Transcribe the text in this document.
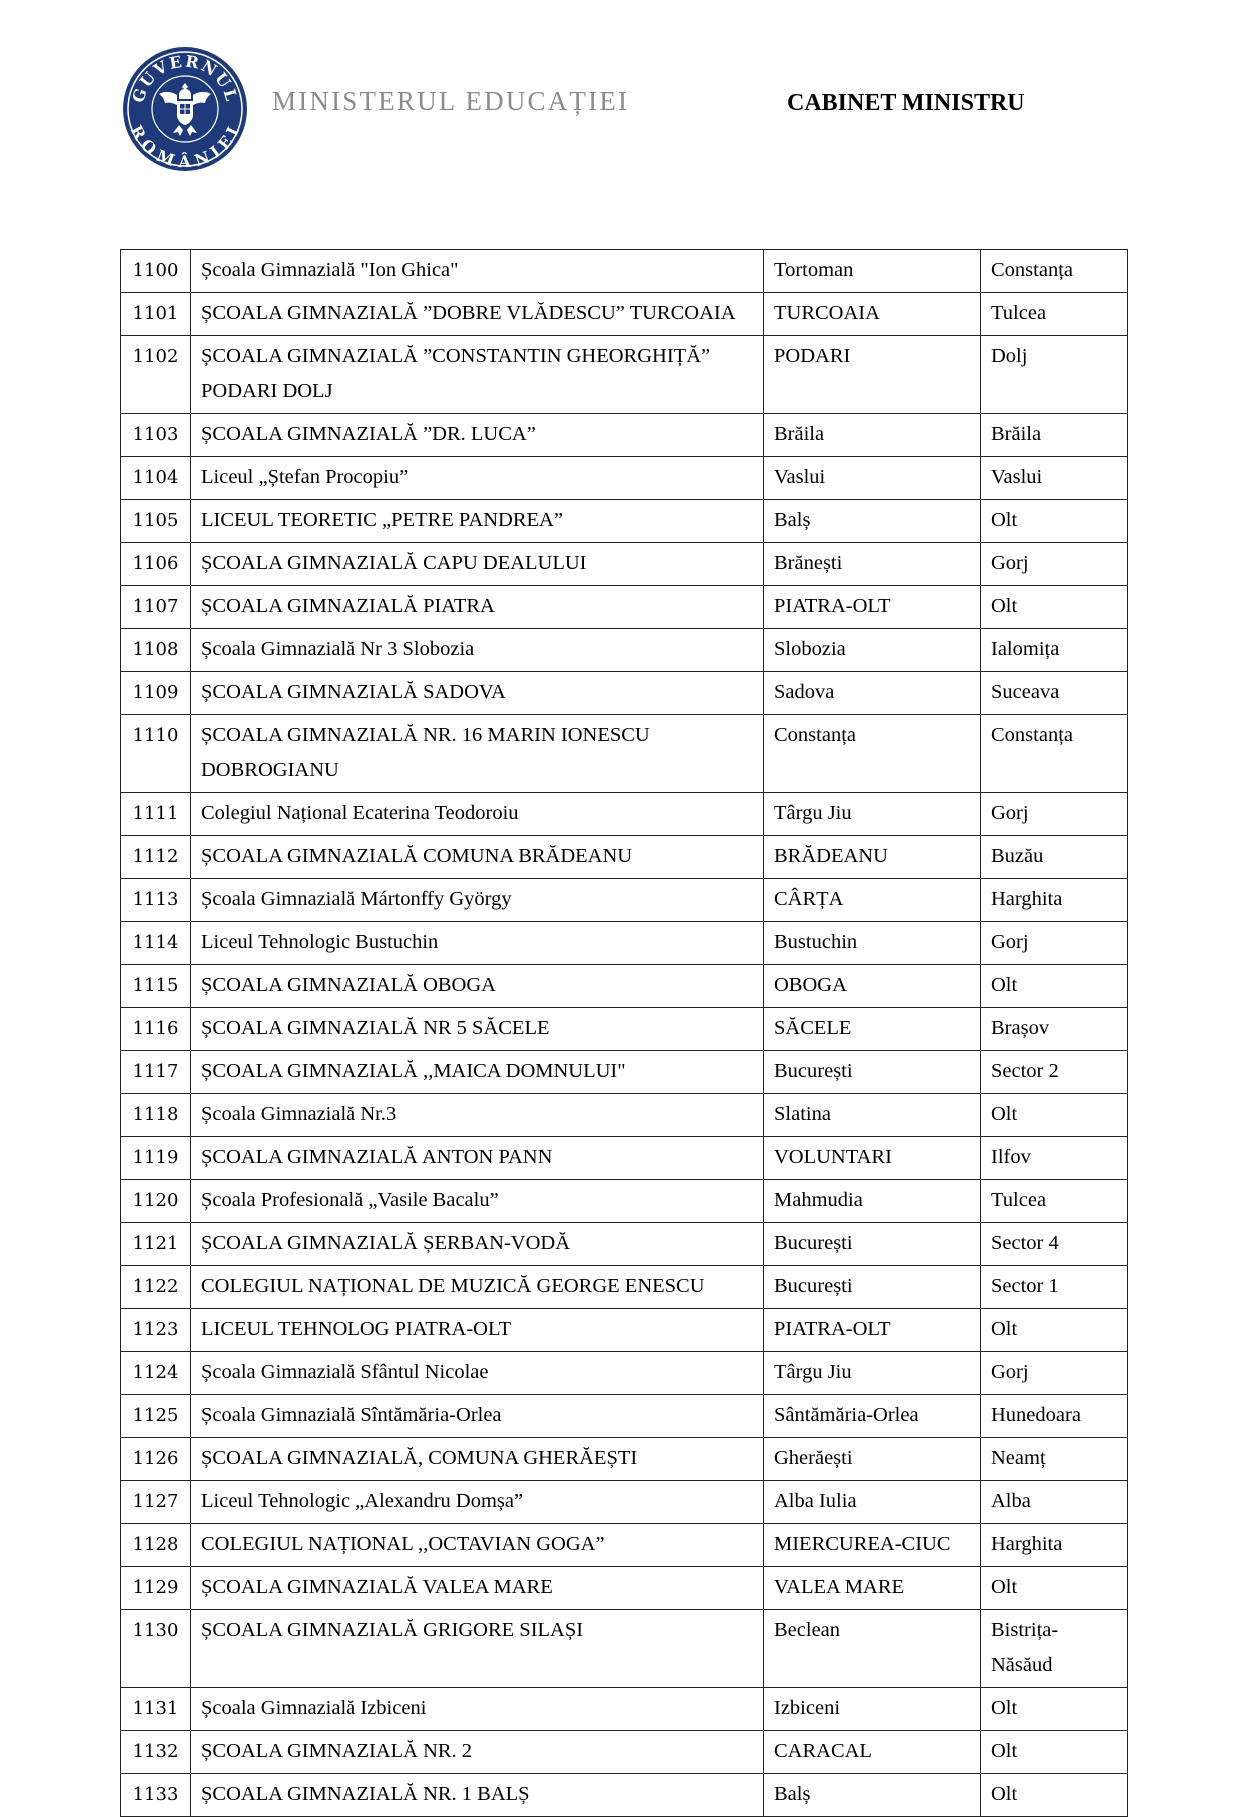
GUVERNUL
ROMÂNIEI
MINISTERUL EDUCAȚIEI	CABINET MINISTRU
1100	Școala Gimnazială "Ion Ghica"	Tortoman	Constanța
1101	ȘCOALA GIMNAZIALĂ ”DOBRE VLĂDESCU” TURCOAIA	TURCOAIA	Tulcea
1102	ȘCOALA GIMNAZIALĂ ”CONSTANTIN GHEORGHIȚĂ” PODARI DOLJ	PODARI	Dolj
1103	ȘCOALA GIMNAZIALĂ ”DR. LUCA”	Brăila	Brăila
1104	Liceul „Ștefan Procopiu”	Vaslui	Vaslui
1105	LICEUL TEORETIC „PETRE PANDREA”	Balș	Olt
1106	ȘCOALA GIMNAZIALĂ CAPU DEALULUI	Brănești	Gorj
1107	ȘCOALA GIMNAZIALĂ PIATRA	PIATRA-OLT	Olt
1108	Școala Gimnazială Nr 3 Slobozia	Slobozia	Ialomița
1109	ȘCOALA GIMNAZIALĂ SADOVA	Sadova	Suceava
1110	ȘCOALA GIMNAZIALĂ NR. 16 MARIN IONESCU DOBROGIANU	Constanța	Constanța
1111	Colegiul Național Ecaterina Teodoroiu	Târgu Jiu	Gorj
1112	ȘCOALA GIMNAZIALĂ COMUNA BRĂDEANU	BRĂDEANU	Buzău
1113	Școala Gimnazială Mártonffy György	CÂRȚA	Harghita
1114	Liceul Tehnologic Bustuchin	Bustuchin	Gorj
1115	ȘCOALA GIMNAZIALĂ OBOGA	OBOGA	Olt
1116	ȘCOALA GIMNAZIALĂ NR 5 SĂCELE	SĂCELE	Brașov
1117	ȘCOALA GIMNAZIALĂ ,,MAICA DOMNULUI"	București	Sector 2
1118	Școala Gimnazială Nr.3	Slatina	Olt
1119	ȘCOALA GIMNAZIALĂ ANTON PANN	VOLUNTARI	Ilfov
1120	Școala Profesională „Vasile Bacalu”	Mahmudia	Tulcea
1121	ȘCOALA GIMNAZIALĂ ȘERBAN-VODĂ	București	Sector 4
1122	COLEGIUL NAȚIONAL DE MUZICĂ GEORGE ENESCU	București	Sector 1
1123	LICEUL TEHNOLOG PIATRA-OLT	PIATRA-OLT	Olt
1124	Școala Gimnazială Sfântul Nicolae	Târgu Jiu	Gorj
1125	Școala Gimnazială Sîntămăria-Orlea	Sântămăria-Orlea	Hunedoara
1126	ȘCOALA GIMNAZIALĂ, COMUNA GHERĂEȘTI	Gherăești	Neamț
1127	Liceul Tehnologic „Alexandru Domșa”	Alba Iulia	Alba
1128	COLEGIUL NAȚIONAL ,,OCTAVIAN GOGA”	MIERCUREA-CIUC	Harghita
1129	ȘCOALA GIMNAZIALĂ VALEA MARE	VALEA MARE	Olt
1130	ȘCOALA GIMNAZIALĂ GRIGORE SILAȘI	Beclean	Bistrița-Năsăud
1131	Școala Gimnazială Izbiceni	Izbiceni	Olt
1132	ȘCOALA GIMNAZIALĂ NR. 2	CARACAL	Olt
1133	ȘCOALA GIMNAZIALĂ NR. 1 BALȘ	Balș	Olt
